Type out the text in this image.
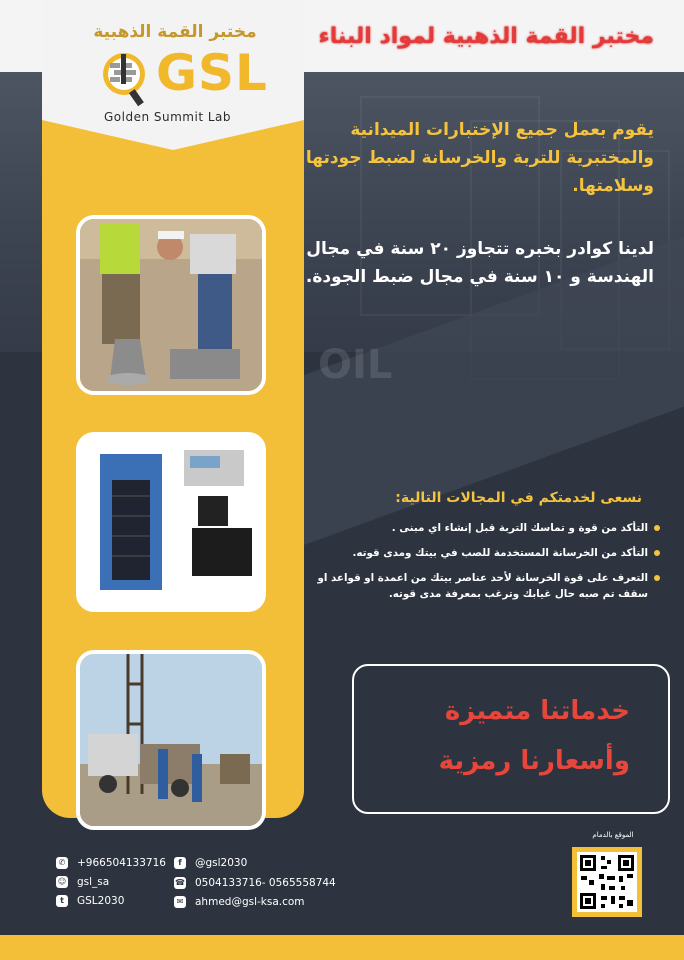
OIL
مختبر القمة الذهبية
GSL
Golden Summit Lab
مختبر القمة الذهبية لمواد البناء

يقوم بعمل جميع الإختبارات الميدانية والمختبرية للتربة والخرسانة لضبط جودتها وسلامتها.

لدينا كوادر بخبره تتجاوز ٢٠ سنة في مجال الهندسة و ١٠ سنة في مجال ضبط الجودة.

نسعى لخدمتكم في المجالات التالية:
التأكد من قوة و تماسك التربة قبل إنشاء اي مبنى .
التأكد من الخرسانة المستخدمة للصب في بيتك ومدى قوته.
التعرف على قوة الخرسانة لأحد عناصر بيتك من اعمدة او قواعد او سقف تم صبه حال غيابك وترغب بمعرفة مدى قوته.
خدماتنا متميزة
وأسعارنا رمزية
✆ +966504133716
☺ gsl_sa
t	GSL2030
f	@gsl2030
☎ 0504133716- 0565558744
✉ ahmed@gsl-ksa.com
الموقع بالدمام
